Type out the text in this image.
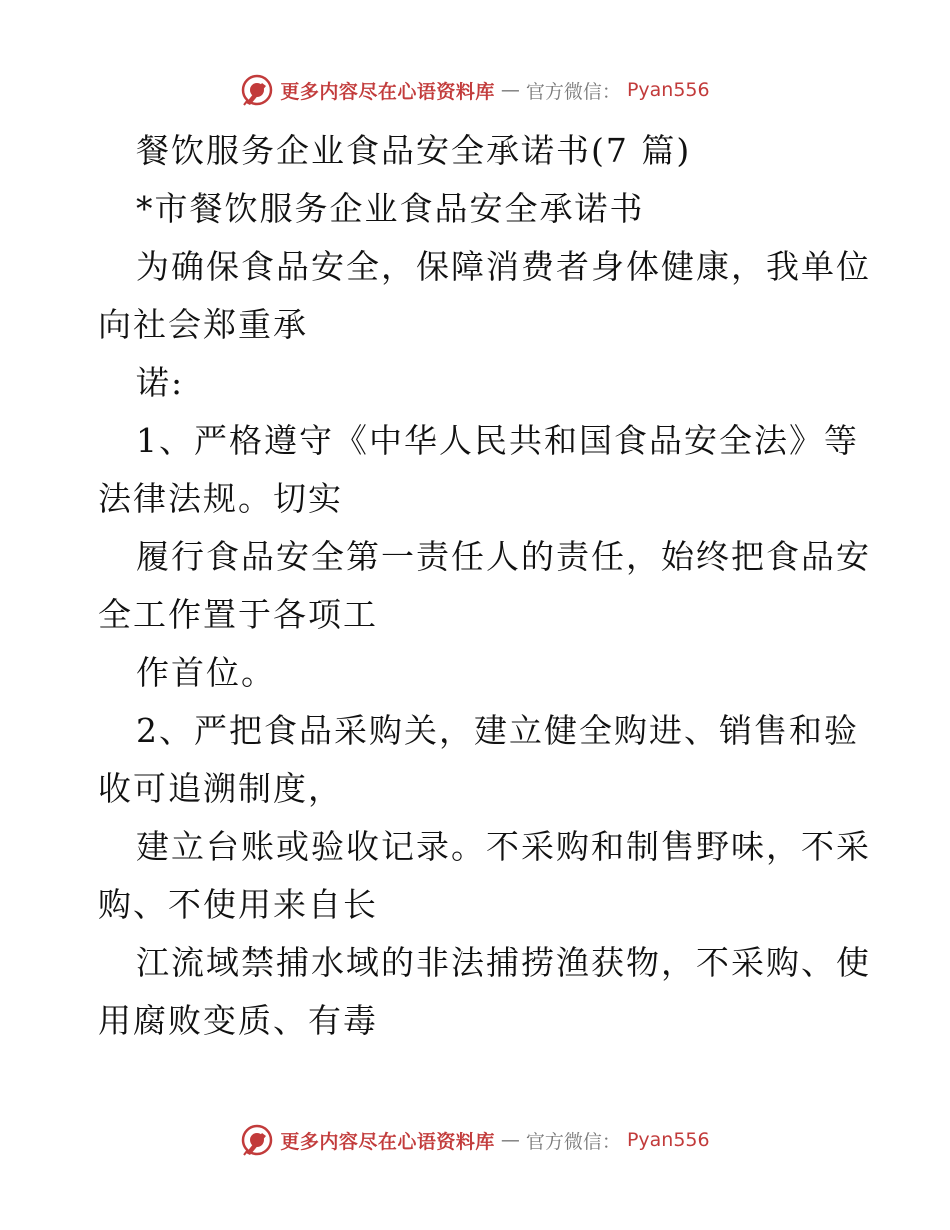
更多内容尽在心语资料库 — 官方微信： Pyan556
餐饮服务企业食品安全承诺书(7 篇)
*市餐饮服务企业食品安全承诺书
为确保食品安全，保障消费者身体健康，我单位
向社会郑重承
诺:
1、严格遵守《中华人民共和国食品安全法》等
法律法规。切实
履行食品安全第一责任人的责任，始终把食品安
全工作置于各项工
作首位。
2、严把食品采购关，建立健全购进、销售和验
收可追溯制度，
建立台账或验收记录。不采购和制售野味，不采
购、不使用来自长
江流域禁捕水域的非法捕捞渔获物，不采购、使
用腐败变质、有毒
更多内容尽在心语资料库 — 官方微信： Pyan556
